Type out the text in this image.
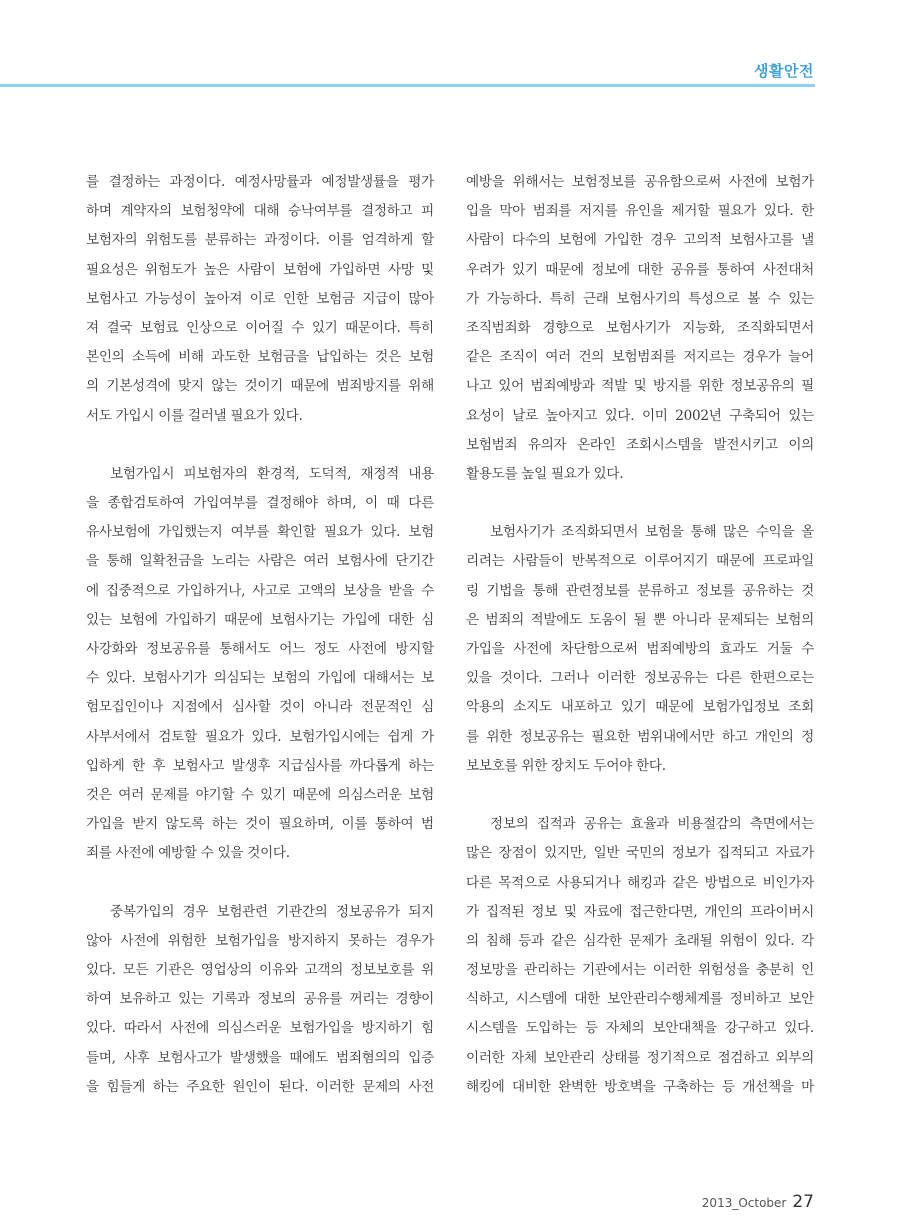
생활안전
를 결정하는 과정이다. 예정사망률과 예정발생률을 평가
하며 계약자의 보험청약에 대해 승낙여부를 결정하고 피
보험자의 위험도를 분류하는 과정이다. 이를 엄격하게 할
필요성은 위험도가 높은 사람이 보험에 가입하면 사망 및
보험사고 가능성이 높아져 이로 인한 보험금 지급이 많아
져 결국 보험료 인상으로 이어질 수 있기 때문이다. 특히
본인의 소득에 비해 과도한 보험금을 납입하는 것은 보험
의 기본성격에 맞지 않는 것이기 때문에 범죄방지를 위해
서도 가입시 이를 걸러낼 필요가 있다.
보험가입시 피보험자의 환경적, 도덕적, 재정적 내용
을 종합검토하여 가입여부를 결정해야 하며, 이 때 다른
유사보험에 가입했는지 여부를 확인할 필요가 있다. 보험
을 통해 일확천금을 노리는 사람은 여러 보험사에 단기간
에 집중적으로 가입하거나, 사고로 고액의 보상을 받을 수
있는 보험에 가입하기 때문에 보험사기는 가입에 대한 심
사강화와 정보공유를 통해서도 어느 정도 사전에 방지할
수 있다. 보험사기가 의심되는 보험의 가입에 대해서는 보
험모집인이나 지점에서 심사할 것이 아니라 전문적인 심
사부서에서 검토할 필요가 있다. 보험가입시에는 쉽게 가
입하게 한 후 보험사고 발생후 지급심사를 까다롭게 하는
것은 여러 문제를 야기할 수 있기 때문에 의심스러운 보험
가입을 받지 않도록 하는 것이 필요하며, 이를 통하여 범
죄를 사전에 예방할 수 있을 것이다.
중복가입의 경우 보험관련 기관간의 정보공유가 되지
않아 사전에 위험한 보험가입을 방지하지 못하는 경우가
있다. 모든 기관은 영업상의 이유와 고객의 정보보호를 위
하여 보유하고 있는 기록과 정보의 공유를 꺼리는 경향이
있다. 따라서 사전에 의심스러운 보험가입을 방지하기 힘
들며, 사후 보험사고가 발생했을 때에도 범죄혐의의 입증
을 힘들게 하는 주요한 원인이 된다. 이러한 문제의 사전
예방을 위해서는 보험정보를 공유함으로써 사전에 보험가
입을 막아 범죄를 저지를 유인을 제거할 필요가 있다. 한
사람이 다수의 보험에 가입한 경우 고의적 보험사고를 낼
우려가 있기 때문에 정보에 대한 공유를 통하여 사전대처
가 가능하다. 특히 근래 보험사기의 특성으로 볼 수 있는
조직범죄화 경향으로 보험사기가 지능화, 조직화되면서
같은 조직이 여러 건의 보험범죄를 저지르는 경우가 늘어
나고 있어 범죄예방과 적발 및 방지를 위한 정보공유의 필
요성이 날로 높아지고 있다. 이미 2002년 구축되어 있는
보험범죄 유의자 온라인 조회시스템을 발전시키고 이의
활용도를 높일 필요가 있다.
보험사기가 조직화되면서 보험을 통해 많은 수익을 올
리려는 사람들이 반복적으로 이루어지기 때문에 프로파일
링 기법을 통해 관련정보를 분류하고 정보를 공유하는 것
은 범죄의 적발에도 도움이 될 뿐 아니라 문제되는 보험의
가입을 사전에 차단함으로써 범죄예방의 효과도 거둘 수
있을 것이다. 그러나 이러한 정보공유는 다른 한편으로는
악용의 소지도 내포하고 있기 때문에 보험가입정보 조회
를 위한 정보공유는 필요한 범위내에서만 하고 개인의 정
보보호를 위한 장치도 두어야 한다.
정보의 집적과 공유는 효율과 비용절감의 측면에서는
많은 장점이 있지만, 일반 국민의 정보가 집적되고 자료가
다른 목적으로 사용되거나 해킹과 같은 방법으로 비인가자
가 집적된 정보 및 자료에 접근한다면, 개인의 프라이버시
의 침해 등과 같은 심각한 문제가 초래될 위험이 있다. 각
정보망을 관리하는 기관에서는 이러한 위험성을 충분히 인
식하고, 시스템에 대한 보안관리수행체계를 정비하고 보안
시스템을 도입하는 등 자체의 보안대책을 강구하고 있다.
이러한 자체 보안관리 상태를 정기적으로 점검하고 외부의
해킹에 대비한 완벽한 방호벽을 구축하는 등 개선책을 마
2013_October 27
